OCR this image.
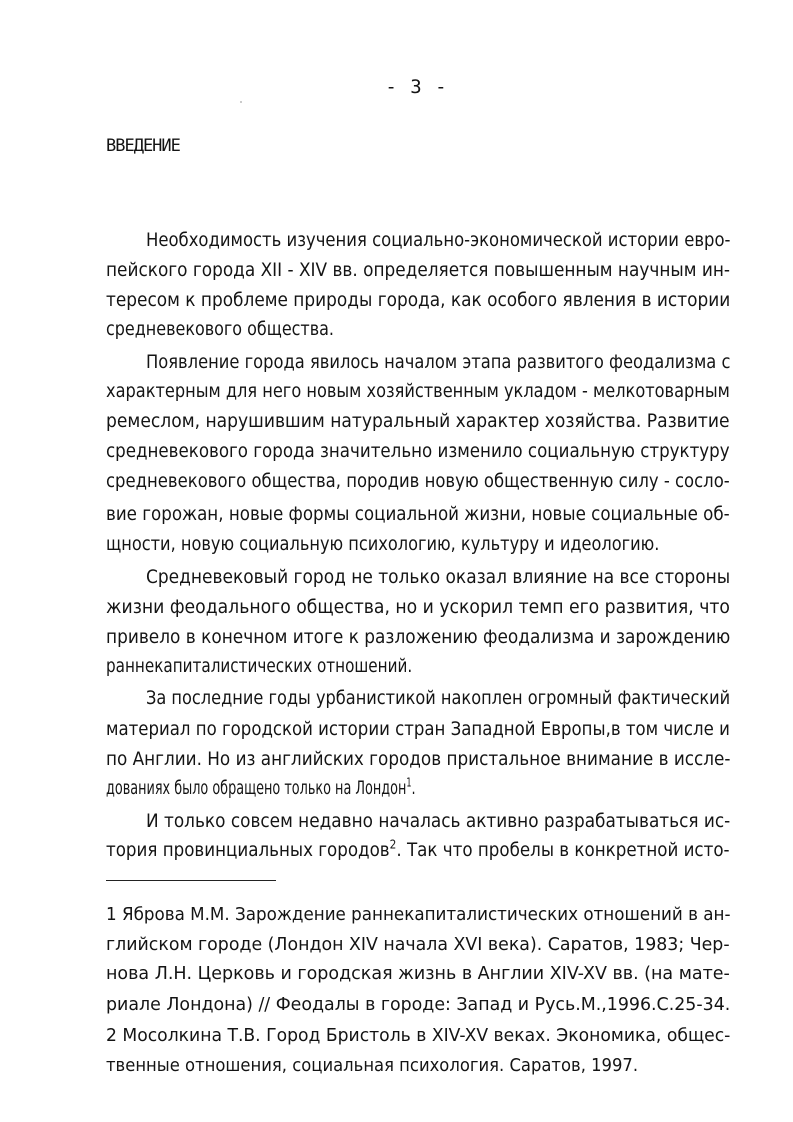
- 3 -
ВВЕДЕНИЕ
Необходимость изучения социально-экономической истории евро-
пейского города XII - XIV вв. определяется повышенным научным ин-
тересом к проблеме природы города, как особого явления в истории
средневекового общества.
Появление города явилось началом этапа развитого феодализма с
характерным для него новым хозяйственным укладом - мелкотоварным
ремеслом, нарушившим натуральный характер хозяйства. Развитие
средневекового города значительно изменило социальную структуру
средневекового общества, породив новую общественную силу - сосло-
вие горожан, новые формы социальной жизни, новые социальные об-
щности, новую социальную психологию, культуру и идеологию.
Средневековый город не только оказал влияние на все стороны
жизни феодального общества, но и ускорил темп его развития, что
привело в конечном итоге к разложению феодализма и зарождению
раннекапиталистических отношений.
За последние годы урбанистикой накоплен огромный фактический
материал по городской истории стран Западной Европы,в том числе и
по Англии. Но из английских городов пристальное внимание в иссле-
дованиях было обращено только на Лондон$^1$.
И только совсем недавно началась активно разрабатываться ис-
тория провинциальных городов$^2$. Так что пробелы в конкретной исто-
1 Яброва М.М. Зарождение раннекапиталистических отношений в ан-
глийском городе (Лондон XIV начала XVI века). Саратов, 1983; Чер-
нова Л.Н. Церковь и городская жизнь в Англии XIV-XV вв. (на мате-
риале Лондона) // Феодалы в городе: Запад и Русь.М.,1996.С.25-34.
2 Мосолкина Т.В. Город Бристоль в XIV-XV веках. Экономика, общес-
твенные отношения, социальная психология. Саратов, 1997.
